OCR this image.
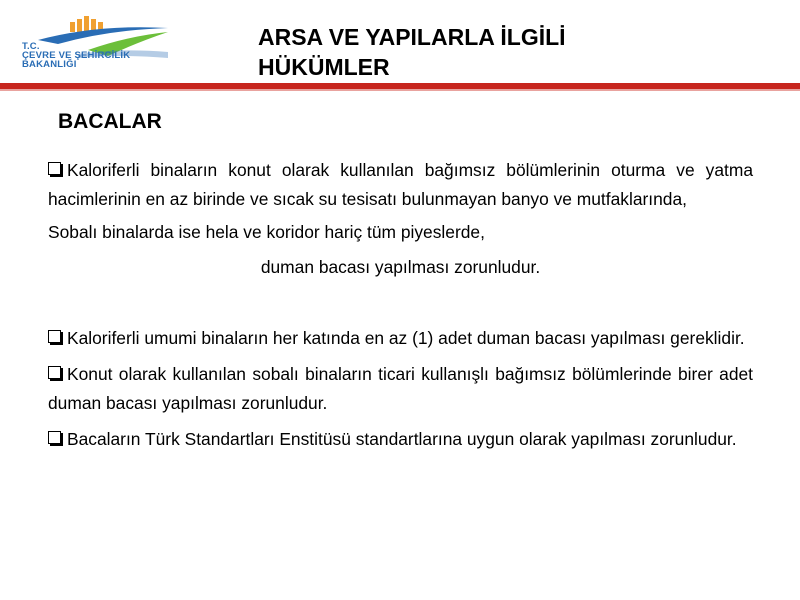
T.C.
ÇEVRE VE ŞEHİRCİLİK
BAKANLIĞI
ARSA VE YAPILARLA İLGİLİ HÜKÜMLER
BACALAR

Kaloriferli binaların konut olarak kullanılan bağımsız bölümlerinin oturma ve yatma hacimlerinin en az birinde ve sıcak su tesisatı bulunmayan banyo ve mutfaklarında,

Sobalı binalarda ise hela ve koridor hariç tüm piyeslerde,

duman bacası yapılması zorunludur.

Kaloriferli umumi binaların her katında en az (1) adet duman bacası yapılması gereklidir.

Konut olarak kullanılan sobalı binaların ticari kullanışlı bağımsız bölümlerinde birer adet duman bacası yapılması zorunludur.

Bacaların Türk Standartları Enstitüsü standartlarına uygun olarak yapılması zorunludur.
